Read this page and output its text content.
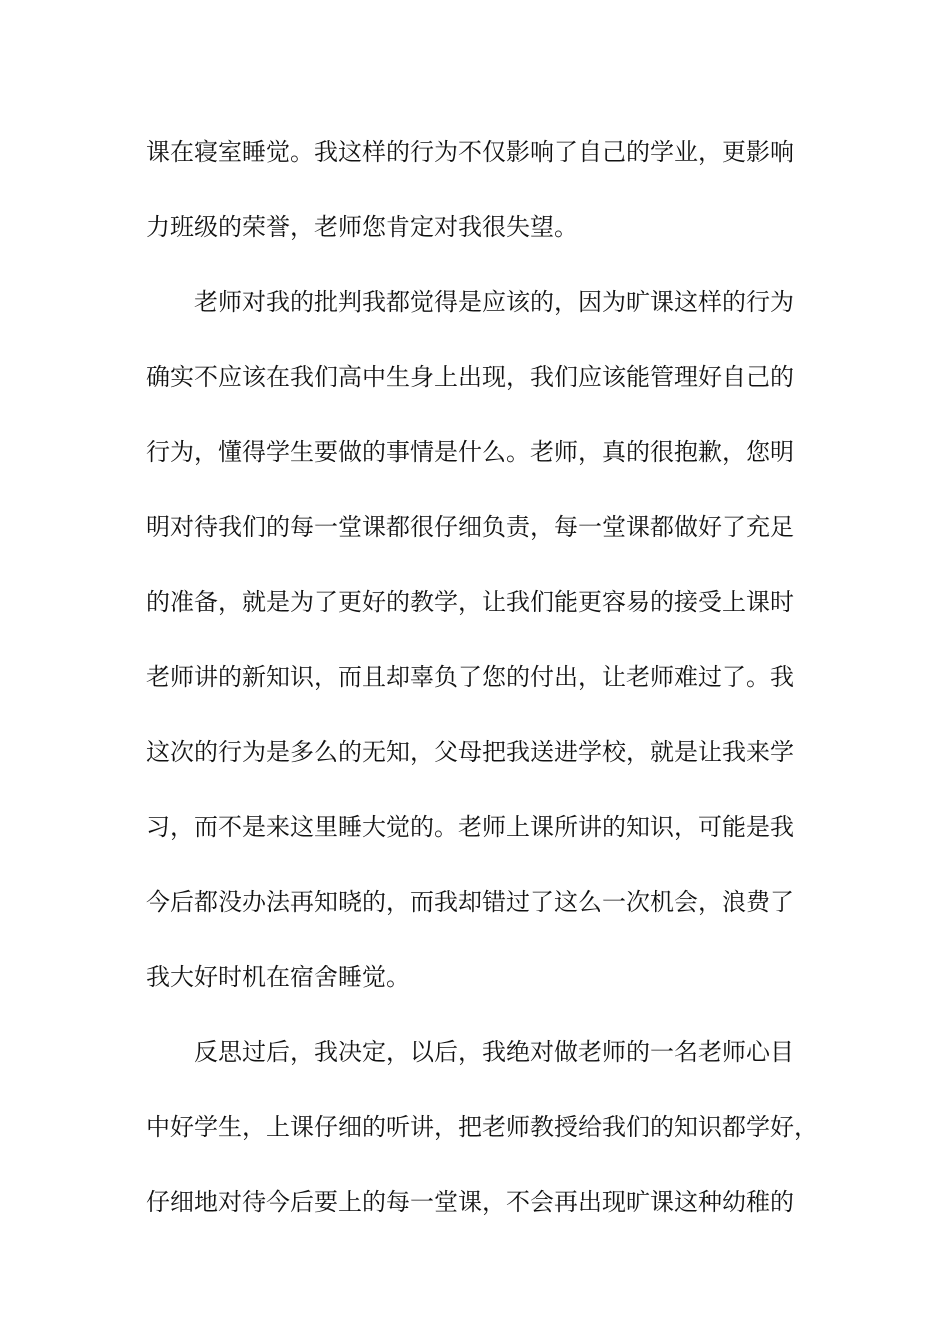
课在寝室睡觉。我这样的行为不仅影响了自己的学业，更影响
力班级的荣誉，老师您肯定对我很失望。
老师对我的批判我都觉得是应该的，因为旷课这样的行为
确实不应该在我们高中生身上出现，我们应该能管理好自己的
行为，懂得学生要做的事情是什么。老师，真的很抱歉，您明
明对待我们的每一堂课都很仔细负责，每一堂课都做好了充足
的准备，就是为了更好的教学，让我们能更容易的接受上课时
老师讲的新知识，而且却辜负了您的付出，让老师难过了。我
这次的行为是多么的无知，父母把我送进学校，就是让我来学
习，而不是来这里睡大觉的。老师上课所讲的知识，可能是我
今后都没办法再知晓的，而我却错过了这么一次机会，浪费了
我大好时机在宿舍睡觉。
反思过后，我决定，以后，我绝对做老师的一名老师心目
中好学生，上课仔细的听讲，把老师教授给我们的知识都学好，
仔细地对待今后要上的每一堂课，不会再出现旷课这种幼稚的
